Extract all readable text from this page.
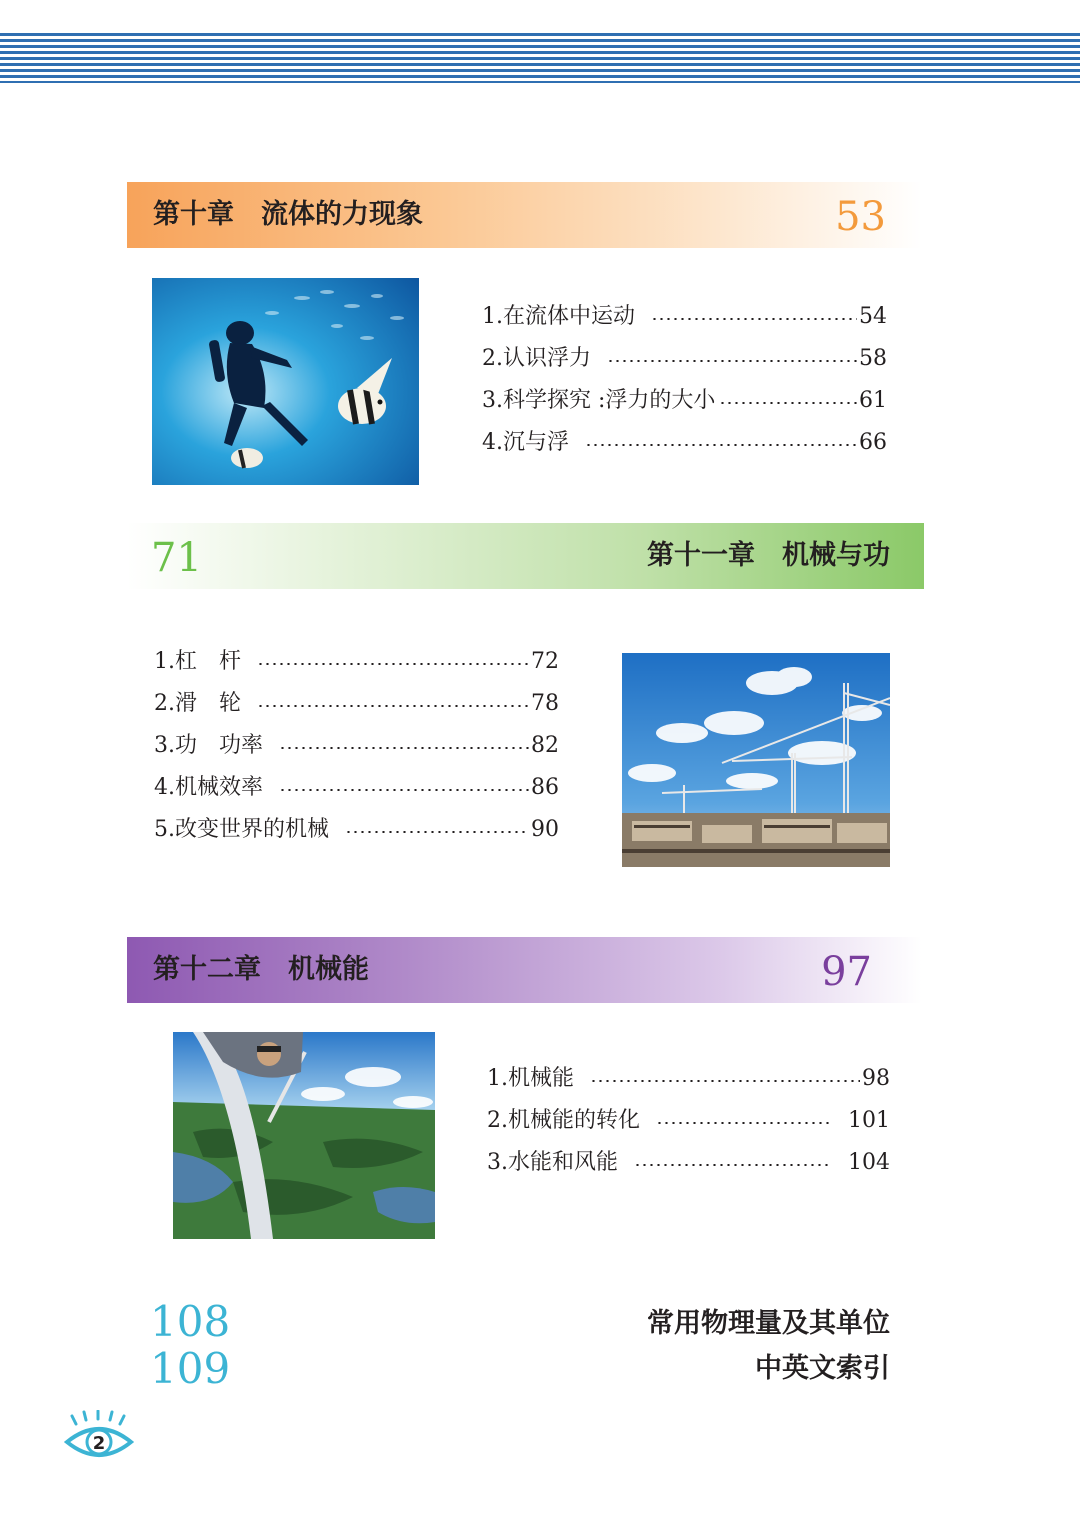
第十章　流体的力现象	53
1. 在流体中运动	54
2. 认识浮力	58
3. 科学探究 :浮力的大小	61
4. 沉与浮	66
71	第十一章　机械与功
1. 杠　杆	72
2. 滑　轮	78
3. 功　功率	82
4. 机械效率	86
5. 改变世界的机械	90
第十二章　机械能	97
1. 机械能	98
2. 机械能的转化	101
3. 水能和风能	104
108	常用物理量及其单位
109	中英文索引
2
